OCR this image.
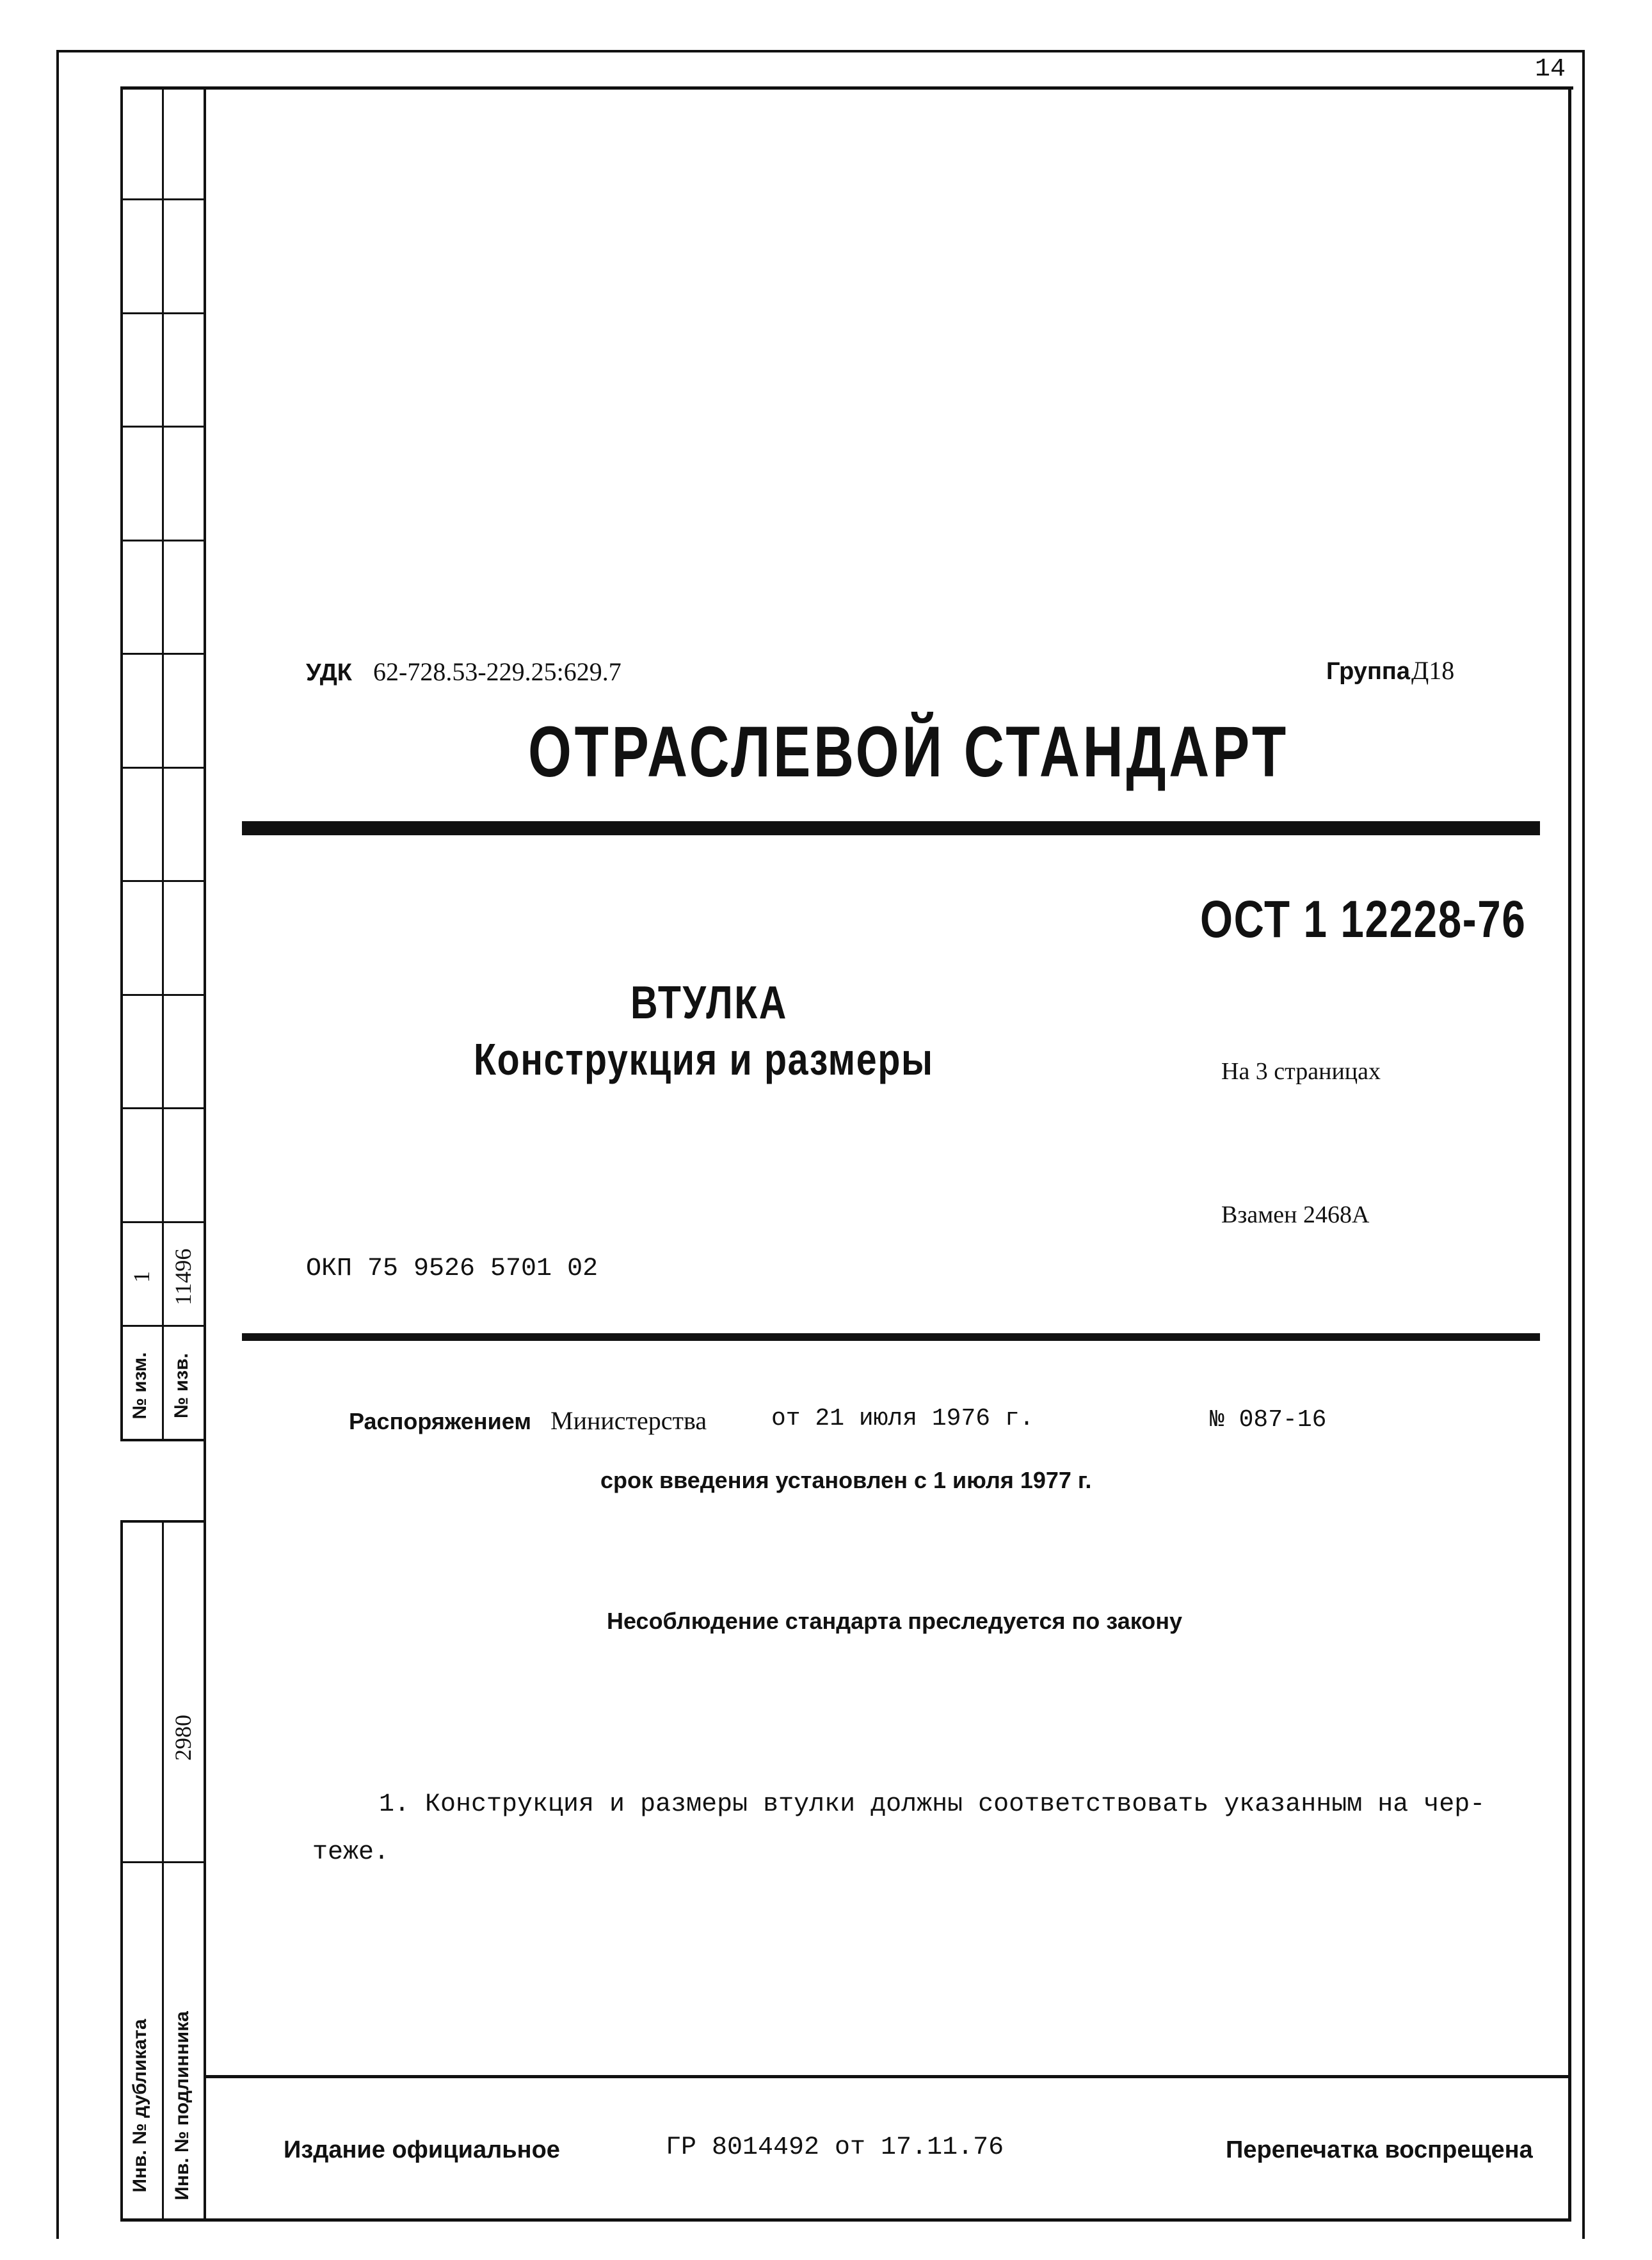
14
№ изм. № изв.
1 11496
2980
Инв. № дубликата Инв. № подлинника
УДК 62-728.53-229.25:629.7	Группа Д18
ОТРАСЛЕВОЙ СТАНДАРТ
ОСТ 1 12228-76
ВТУЛКА
Конструкция и размеры	На 3 страницах
Взамен 2468А
ОКП 75 9526 5701 02
Распоряжением Министерства	от 21 июля 1976 г.	№ 087-16
срок введения установлен с 1 июля 1977 г.
Несоблюдение стандарта преследуется по закону
1. Конструкция и размеры втулки должны соответствовать указанным на чер-
теже.
Издание официальное	ГР 8014492 от 17.11.76	Перепечатка воспрещена
